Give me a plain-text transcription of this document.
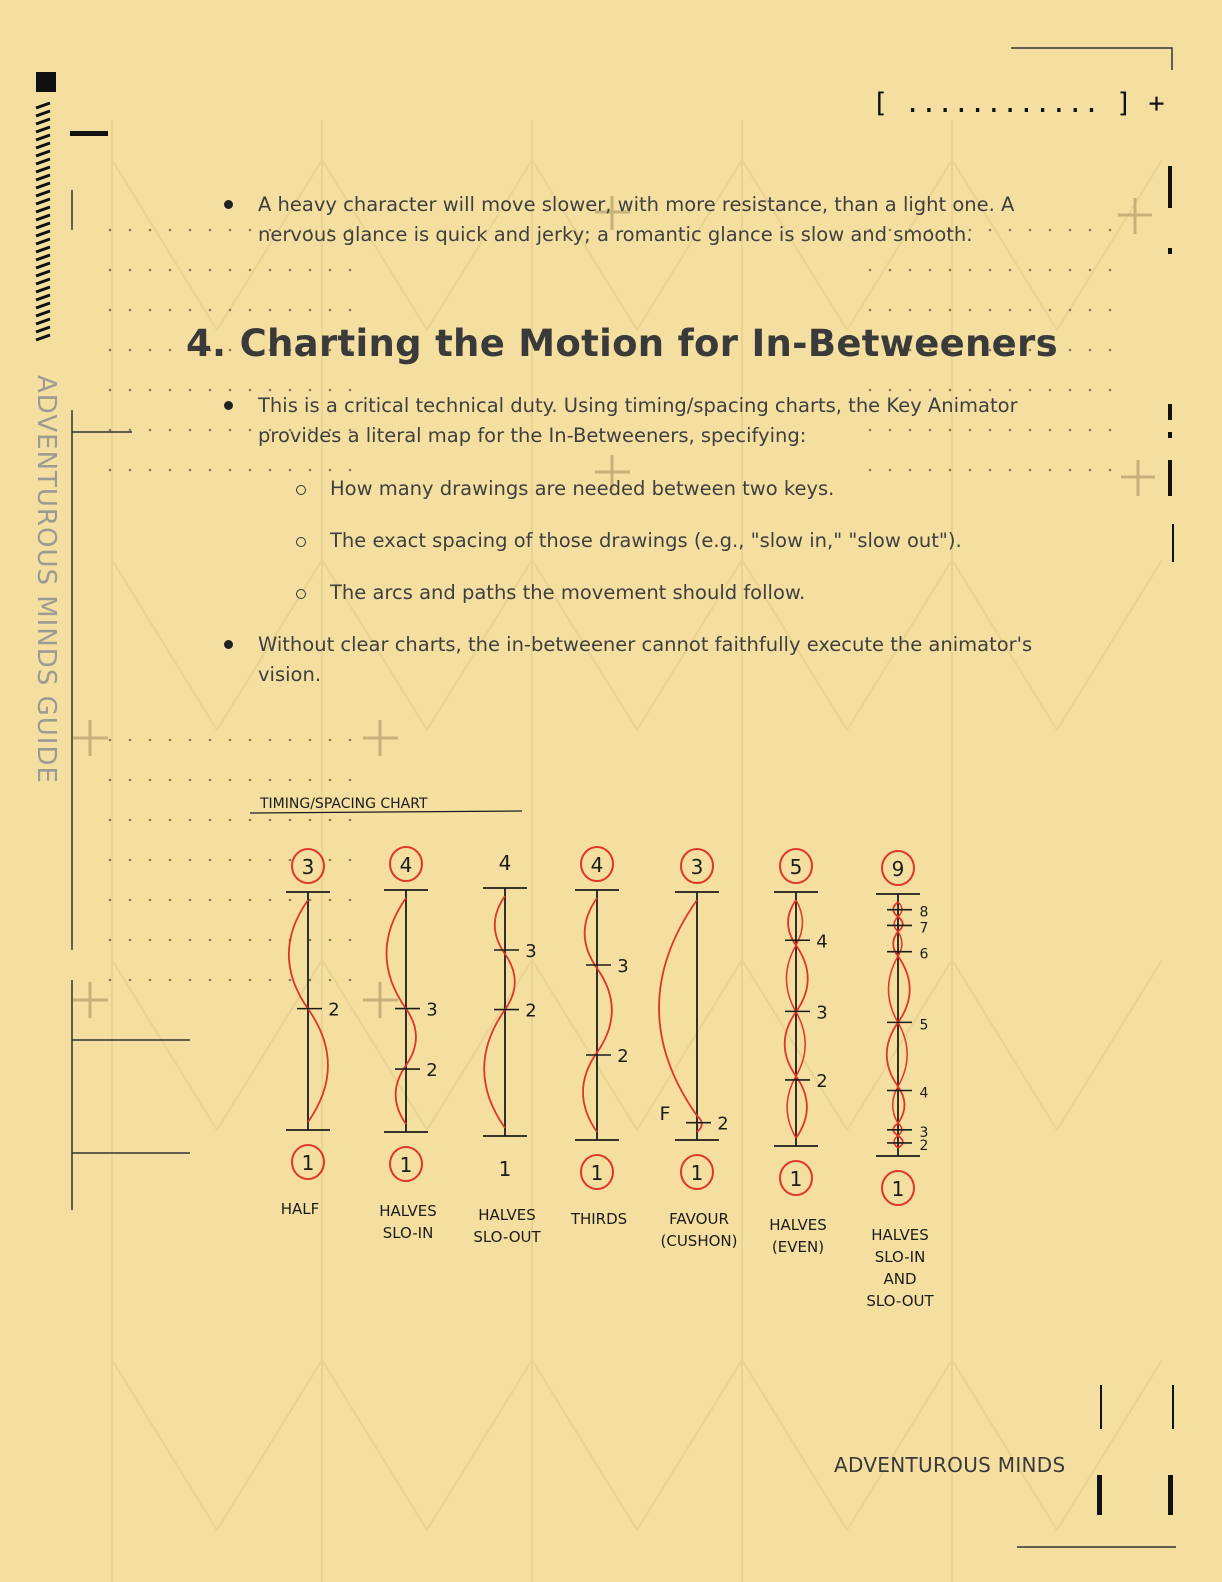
[ ............ ] +
ADVENTUROUS MINDS GUIDE
A heavy character will move slower, with more resistance, than a light one. A
nervous glance is quick and jerky; a romantic glance is slow and smooth.
4. Charting the Motion for In-Betweeners
This is a critical technical duty. Using timing/spacing charts, the Key Animator
provides a literal map for the In-Betweeners, specifying:
How many drawings are needed between two keys.
The exact spacing of those drawings (e.g., "slow in," "slow out").
The arcs and paths the movement should follow.
Without clear charts, the in-betweener cannot faithfully execute the animator's
vision.
TIMING/SPACING CHART
3
1
2
HALF
4
1
3
2
HALVES
SLO-IN
4
1
3
2
HALVES
SLO-OUT
4
1
3
2
THIRDS
3
1
F	2
FAVOUR
(CUSHON)
5
1
4
3
2
HALVES
(EVEN)
9
1
8
7
6
5
4
3
2
HALVES
SLO-IN
AND
SLO-OUT
ADVENTUROUS MINDS
